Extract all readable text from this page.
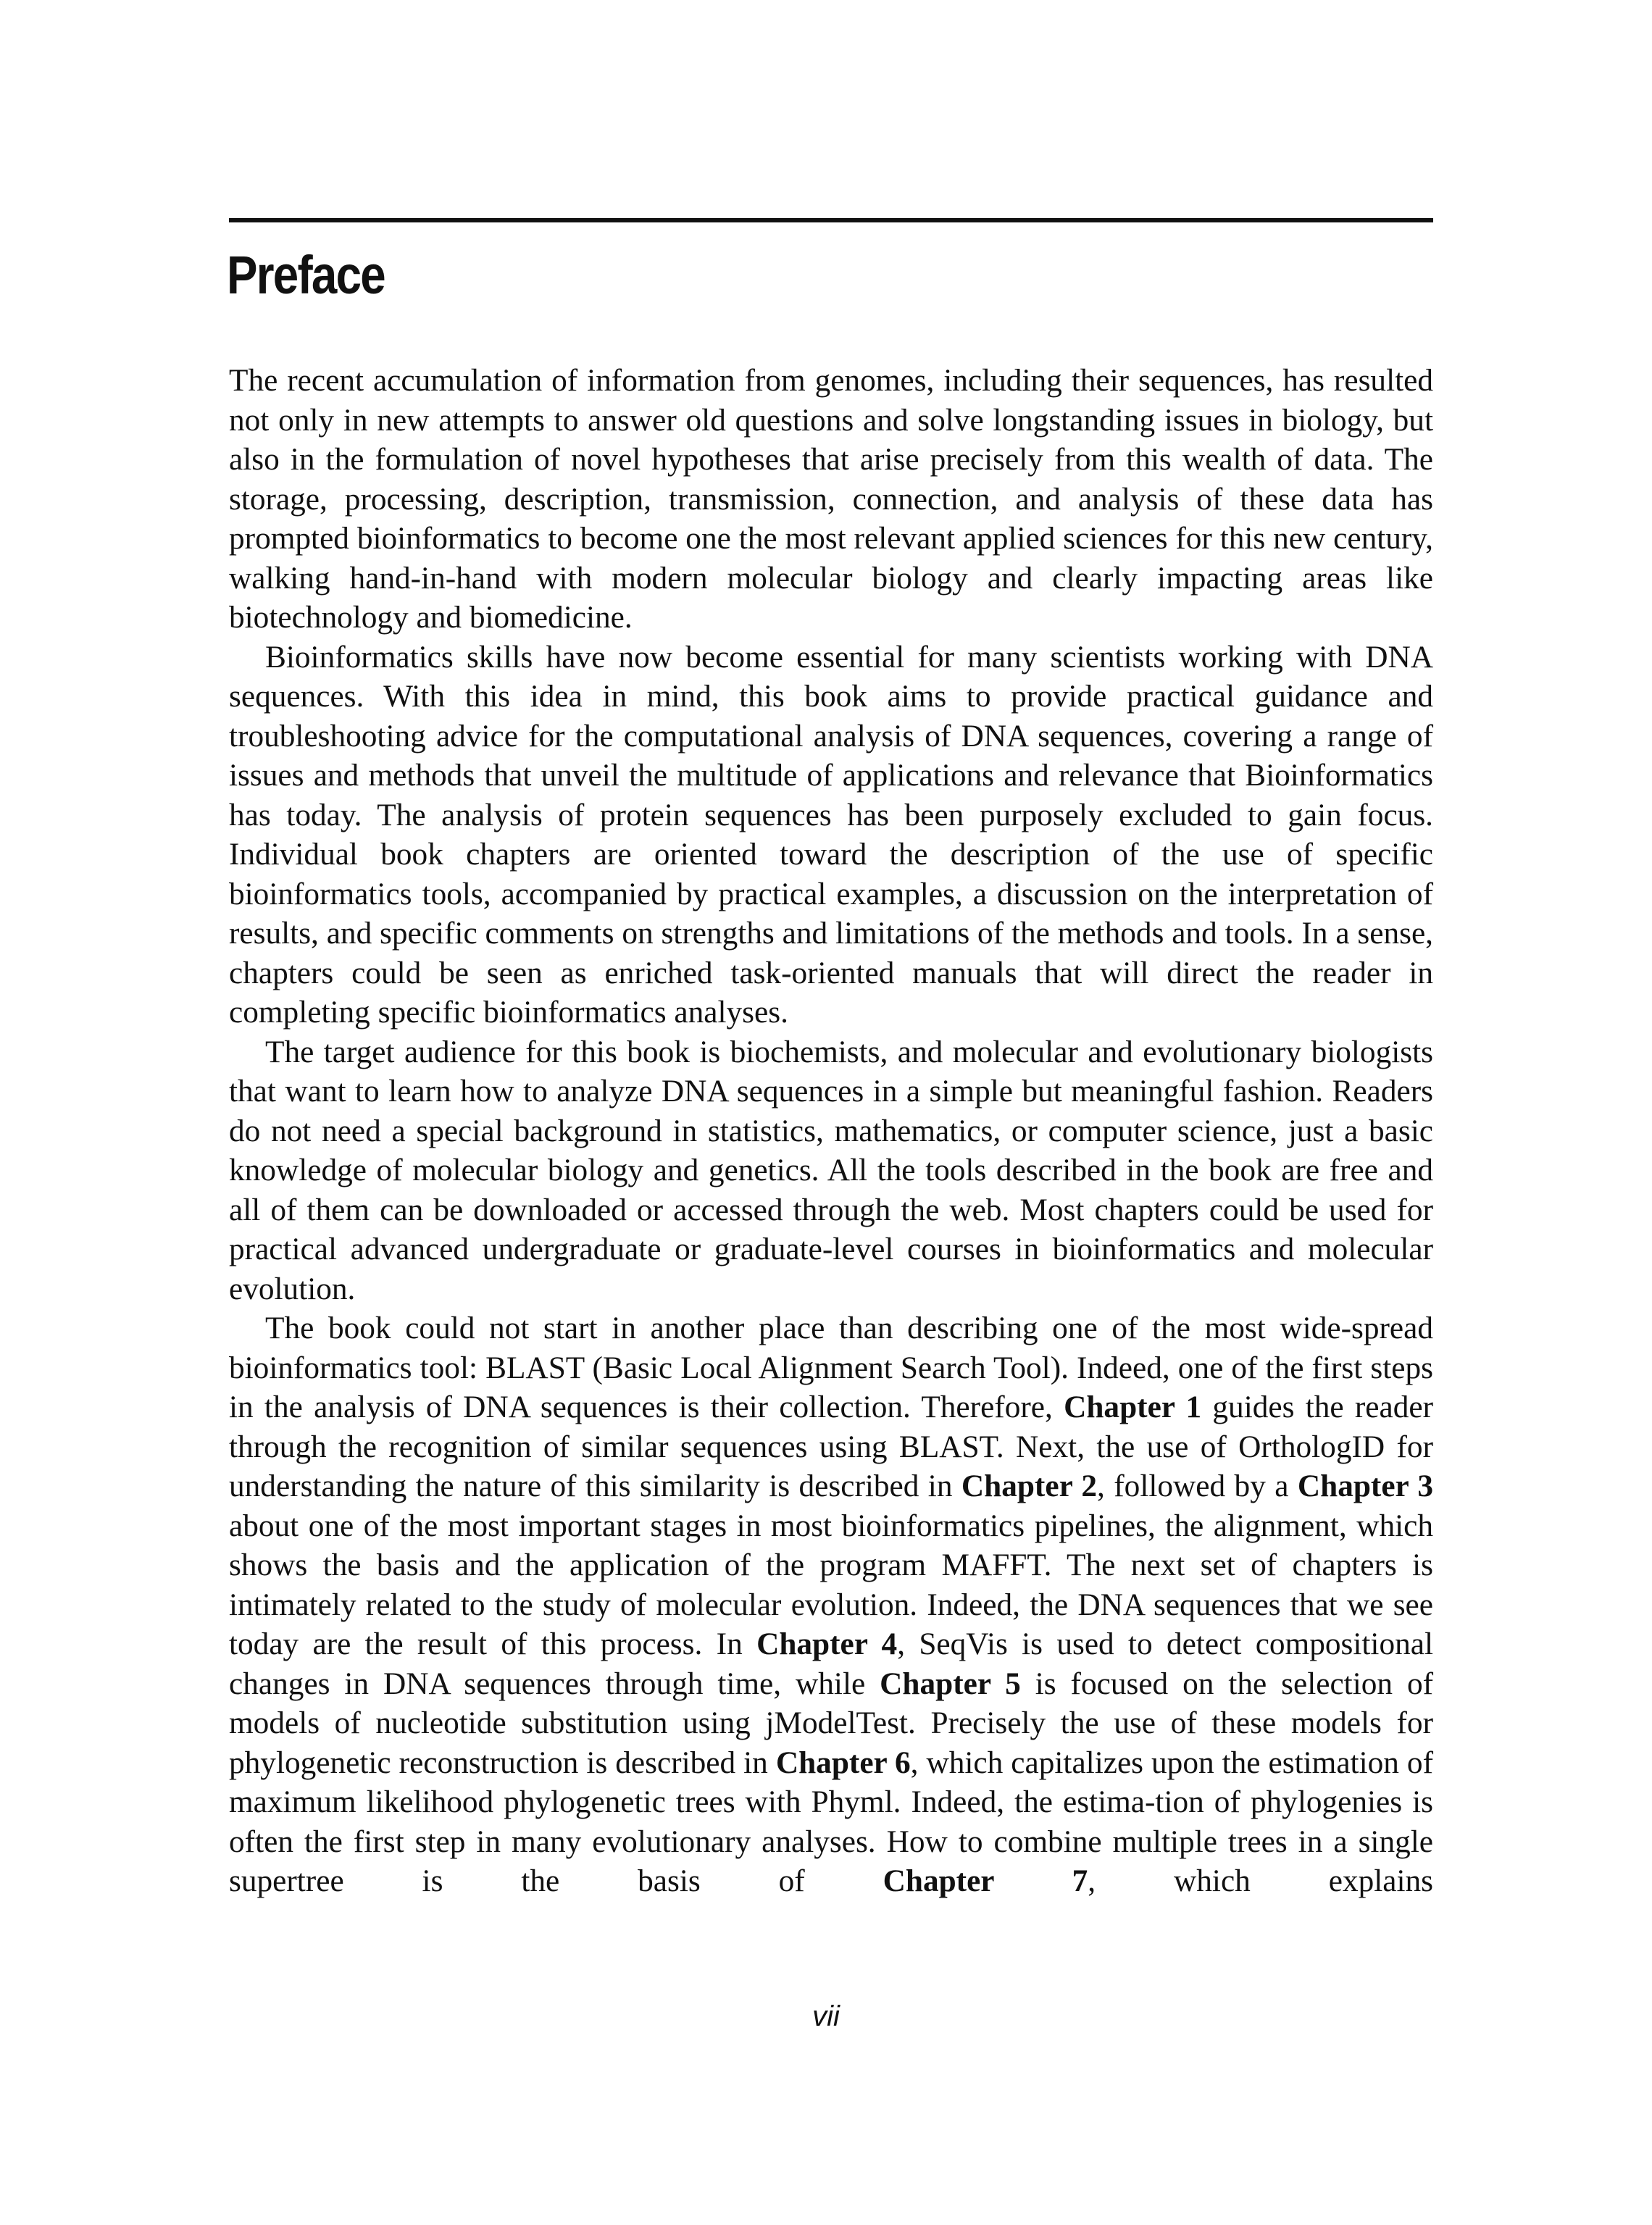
Preface

The recent accumulation of information from genomes, including their sequences, has resulted not only in new attempts to answer old questions and solve longstanding issues in biology, but also in the formulation of novel hypotheses that arise precisely from this wealth of data. The storage, processing, description, transmission, connection, and analysis of these data has prompted bioinformatics to become one the most relevant applied sciences for this new century, walking hand-in-hand with modern molecular biology and clearly impacting areas like biotechnology and biomedicine.

Bioinformatics skills have now become essential for many scientists working with DNA sequences. With this idea in mind, this book aims to provide practical guidance and troubleshooting advice for the computational analysis of DNA sequences, covering a range of issues and methods that unveil the multitude of applications and relevance that Bioinformatics has today. The analysis of protein sequences has been purposely excluded to gain focus. Individual book chapters are oriented toward the description of the use of specific bioinformatics tools, accompanied by practical examples, a discussion on the interpretation of results, and specific comments on strengths and limitations of the methods and tools. In a sense, chapters could be seen as enriched task-oriented manuals that will direct the reader in completing specific bioinformatics analyses.

The target audience for this book is biochemists, and molecular and evolutionary biologists that want to learn how to analyze DNA sequences in a simple but meaningful fashion. Readers do not need a special background in statistics, mathematics, or computer science, just a basic knowledge of molecular biology and genetics. All the tools described in the book are free and all of them can be downloaded or accessed through the web. Most chapters could be used for practical advanced undergraduate or graduate-level courses in bioinformatics and molecular evolution.

The book could not start in another place than describing one of the most wide-spread bioinformatics tool: BLAST (Basic Local Alignment Search Tool). Indeed, one of the first steps in the analysis of DNA sequences is their collection. Therefore, Chapter 1 guides the reader through the recognition of similar sequences using BLAST. Next, the use of OrthologID for understanding the nature of this similarity is described in Chapter 2, followed by a Chapter 3 about one of the most important stages in most bioinformatics pipelines, the alignment, which shows the basis and the application of the program MAFFT. The next set of chapters is intimately related to the study of molecular evolution. Indeed, the DNA sequences that we see today are the result of this process. In Chapter 4, SeqVis is used to detect compositional changes in DNA sequences through time, while Chapter 5 is focused on the selection of models of nucleotide substitution using jModelTest. Precisely the use of these models for phylogenetic reconstruction is described in Chapter 6, which capitalizes upon the estimation of maximum likelihood phylogenetic trees with Phyml. Indeed, the estima-tion of phylogenies is often the first step in many evolutionary analyses. How to combine multiple trees in a single supertree is the basis of Chapter 7, which explains

vii
